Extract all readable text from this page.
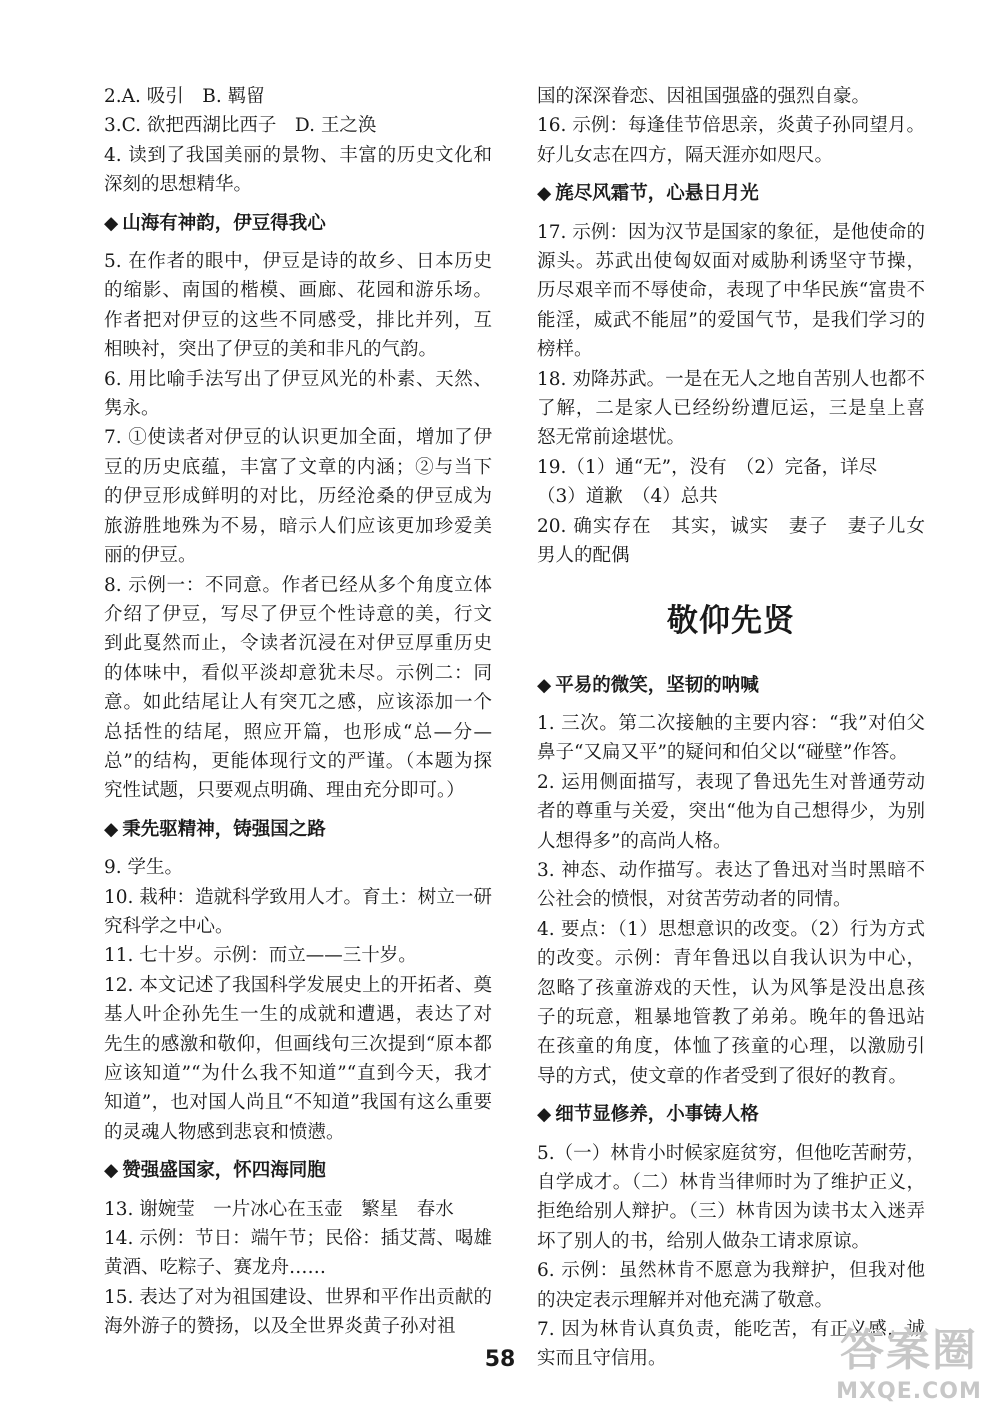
2.A. 吸引　B. 羁留

3.C. 欲把西湖比西子　D. 王之涣

4. 读到了我国美丽的景物、丰富的历史文化和深刻的思想精华。

◆ 山海有神韵，伊豆得我心

5. 在作者的眼中，伊豆是诗的故乡、日本历史的缩影、南国的楷模、画廊、花园和游乐场。作者把对伊豆的这些不同感受，排比并列，互相映衬，突出了伊豆的美和非凡的气韵。

6. 用比喻手法写出了伊豆风光的朴素、天然、隽永。

7. ①使读者对伊豆的认识更加全面，增加了伊豆的历史底蕴，丰富了文章的内涵；②与当下的伊豆形成鲜明的对比，历经沧桑的伊豆成为旅游胜地殊为不易，暗示人们应该更加珍爱美丽的伊豆。

8. 示例一：不同意。作者已经从多个角度立体介绍了伊豆，写尽了伊豆个性诗意的美，行文到此戛然而止，令读者沉浸在对伊豆厚重历史的体味中，看似平淡却意犹未尽。示例二：同意。如此结尾让人有突兀之感，应该添加一个总括性的结尾，照应开篇，也形成“总—分—总”的结构，更能体现行文的严谨。（本题为探究性试题，只要观点明确、理由充分即可。）

◆ 秉先驱精神，铸强国之路

9. 学生。

10. 栽种：造就科学致用人才。育土：树立一研究科学之中心。

11. 七十岁。示例：而立——三十岁。

12. 本文记述了我国科学发展史上的开拓者、奠基人叶企孙先生一生的成就和遭遇，表达了对先生的感激和敬仰，但画线句三次提到“原本都应该知道”“为什么我不知道”“直到今天，我才知道”，也对国人尚且“不知道”我国有这么重要的灵魂人物感到悲哀和愤懑。

◆ 赞强盛国家，怀四海同胞

13. 谢婉莹　一片冰心在玉壶　繁星　春水

14. 示例：节日：端午节；民俗：插艾蒿、喝雄黄酒、吃粽子、赛龙舟……

15. 表达了对为祖国建设、世界和平作出贡献的海外游子的赞扬，以及全世界炎黄子孙对祖

国的深深眷恋、因祖国强盛的强烈自豪。

16. 示例：每逢佳节倍思亲，炎黄子孙同望月。好儿女志在四方，隔天涯亦如咫尺。

◆ 旄尽风霜节，心悬日月光

17. 示例：因为汉节是国家的象征，是他使命的源头。苏武出使匈奴面对威胁利诱坚守节操，历尽艰辛而不辱使命，表现了中华民族“富贵不能淫，威武不能屈”的爱国气节，是我们学习的榜样。

18. 劝降苏武。一是在无人之地自苦别人也都不了解，二是家人已经纷纷遭厄运，三是皇上喜怒无常前途堪忧。

19.（1）通“无”，没有　（2）完备，详尽

（3）道歉　（4）总共

20. 确实存在　其实，诚实　妻子　妻子儿女　男人的配偶

敬仰先贤
◆ 平易的微笑，坚韧的呐喊

1. 三次。第二次接触的主要内容：“我”对伯父鼻子“又扁又平”的疑问和伯父以“碰壁”作答。

2. 运用侧面描写，表现了鲁迅先生对普通劳动者的尊重与关爱，突出“他为自己想得少，为别人想得多”的高尚人格。

3. 神态、动作描写。表达了鲁迅对当时黑暗不公社会的愤恨，对贫苦劳动者的同情。

4. 要点：（1）思想意识的改变。（2）行为方式的改变。示例：青年鲁迅以自我认识为中心，忽略了孩童游戏的天性，认为风筝是没出息孩子的玩意，粗暴地管教了弟弟。晚年的鲁迅站在孩童的角度，体恤了孩童的心理，以激励引导的方式，使文章的作者受到了很好的教育。

◆ 细节显修养，小事铸人格

5.（一）林肯小时候家庭贫穷，但他吃苦耐劳，自学成才。（二）林肯当律师时为了维护正义，拒绝给别人辩护。（三）林肯因为读书太入迷弄坏了别人的书，给别人做杂工请求原谅。

6. 示例：虽然林肯不愿意为我辩护，但我对他的决定表示理解并对他充满了敬意。

7. 因为林肯认真负责，能吃苦，有正义感，诚实而且守信用。

58	答案圈
MXQE.COM
